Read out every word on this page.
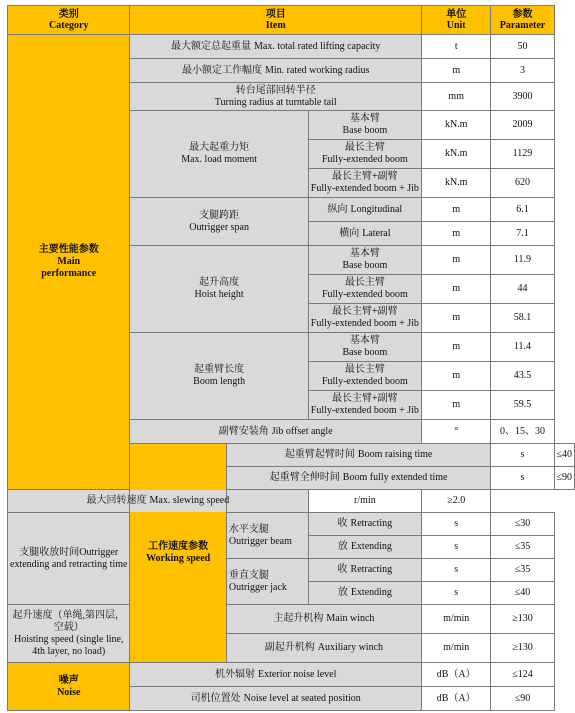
类别
Category	项目
Item			单位
Unit	参数
Parameter	

主要性能参数
Main
performance	最大额定总起重量 Max. total rated lifting capacity			t	50	
	最小额定工作幅度 Min. rated working radius			m	3	

	转台尾部回转半径
Turning radius at turntable tail			mm	3900	

	最大起重力矩
Max. load moment		基本臂
Base boom	kN.m	2009	

			最长主臂
Fully-extended boom	kN.m	1129	

			最长主臂+副臂
Fully-extended boom + Jib	kN.m	620	

	支腿跨距
Outrigger span		纵向 Longitudinal	m	6.1	
			横向 Lateral	m	7.1	

	起升高度
Hoist height		基本臂
Base boom	m	11.9	

			最长主臂
Fully-extended boom	m	44	

			最长主臂+副臂
Fully-extended boom + Jib	m	58.1	

	起重臂长度
Boom length		基本臂
Base boom	m	11.4	

			最长主臂
Fully-extended boom	m	43.5	

			最长主臂+副臂
Fully-extended boom + Jib	m	59.5	
	副臂安装角 Jib offset angle			°	0、15、30	

	工作速度参数
Working speed	起重臂起臂时间 Boom raising time			s	≤40
		起重臂全伸时间 Boom fully extended time			s	≤90
最大回转速度 Max. slewing speed			r/min	≥2.0		

支腿收放时间Outrigger
extending and retracting time		水平支腿
Outrigger beam	收 Retracting	s	≤30	
			放 Extending	s	≤35	

		垂直支腿
Outrigger jack	收 Retracting	s	≤35	
			放 Extending	s	≤40	

起升速度（单绳,第四层，
空载）
Hoisting speed (single line,
4th layer, no load)		主起升机构 Main winch		m/min	≥130	
		副起升机构 Auxiliary winch		m/min	≥130	

噪声
Noise	机外辐射 Exterior noise level			dB（A）	≤124	
	司机位置处 Noise level at seated position			dB（A）	≤90	
